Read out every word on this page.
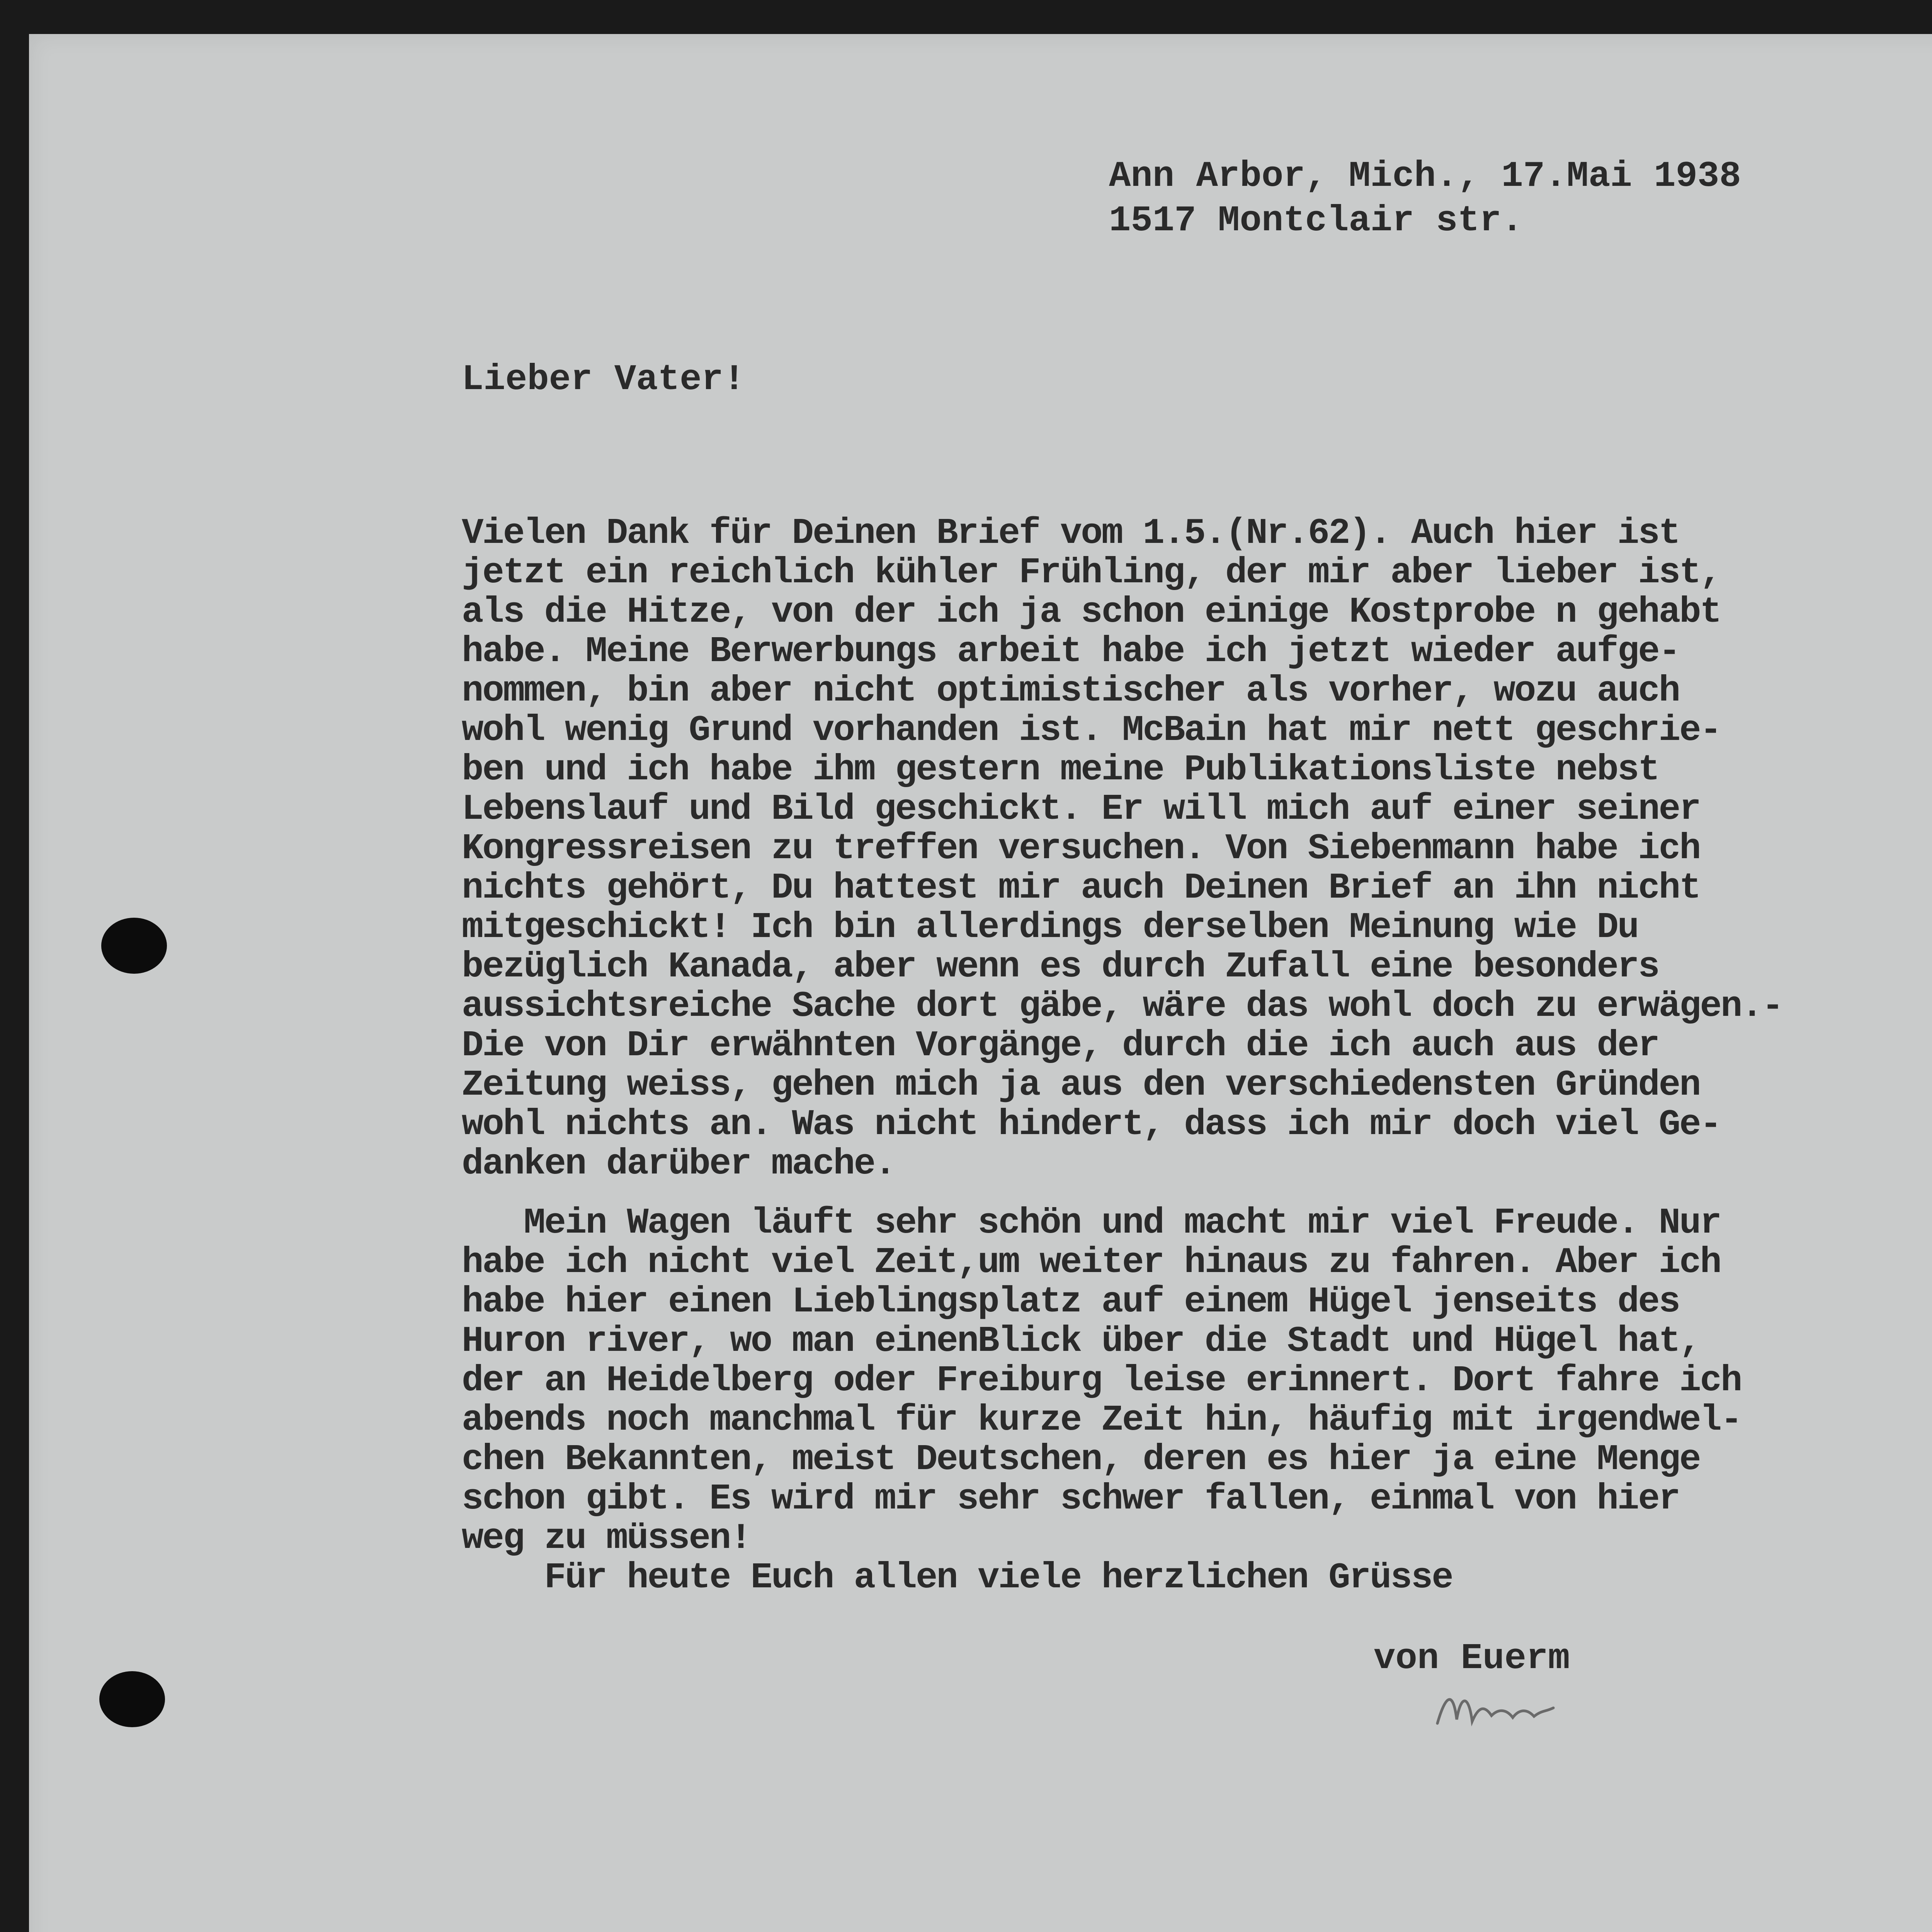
Ann Arbor, Mich., 17.Mai 1938
1517 Montclair str.
Lieber Vater!
Vielen Dank für Deinen Brief vom 1.5.(Nr.62). Auch hier ist
jetzt ein reichlich kühler Frühling, der mir aber lieber ist,
als die Hitze, von der ich ja schon einige Kostprobe n gehabt
habe. Meine Berwerbungs arbeit habe ich jetzt wieder aufge-
nommen, bin aber nicht optimistischer als vorher, wozu auch
wohl wenig Grund vorhanden ist. McBain hat mir nett geschrie-
ben und ich habe ihm gestern meine Publikationsliste nebst
Lebenslauf und Bild geschickt. Er will mich auf einer seiner
Kongressreisen zu treffen versuchen. Von Siebenmann habe ich
nichts gehört, Du hattest mir auch Deinen Brief an ihn nicht
mitgeschickt! Ich bin allerdings derselben Meinung wie Du
bezüglich Kanada, aber wenn es durch Zufall eine besonders
aussichtsreiche Sache dort gäbe, wäre das wohl doch zu erwägen.-
Die von Dir erwähnten Vorgänge, durch die ich auch aus der
Zeitung weiss, gehen mich ja aus den verschiedensten Gründen
wohl nichts an. Was nicht hindert, dass ich mir doch viel Ge-
danken darüber mache.
Mein Wagen läuft sehr schön und macht mir viel Freude. Nur
habe ich nicht viel Zeit,um weiter hinaus zu fahren. Aber ich
habe hier einen Lieblingsplatz auf einem Hügel jenseits des
Huron river, wo man einenBlick über die Stadt und Hügel hat,
der an Heidelberg oder Freiburg leise erinnert. Dort fahre ich
abends noch manchmal für kurze Zeit hin, häufig mit irgendwel-
chen Bekannten, meist Deutschen, deren es hier ja eine Menge
schon gibt. Es wird mir sehr schwer fallen, einmal von hier
weg zu müssen!
Für heute Euch allen viele herzlichen Grüsse
von Euerm
